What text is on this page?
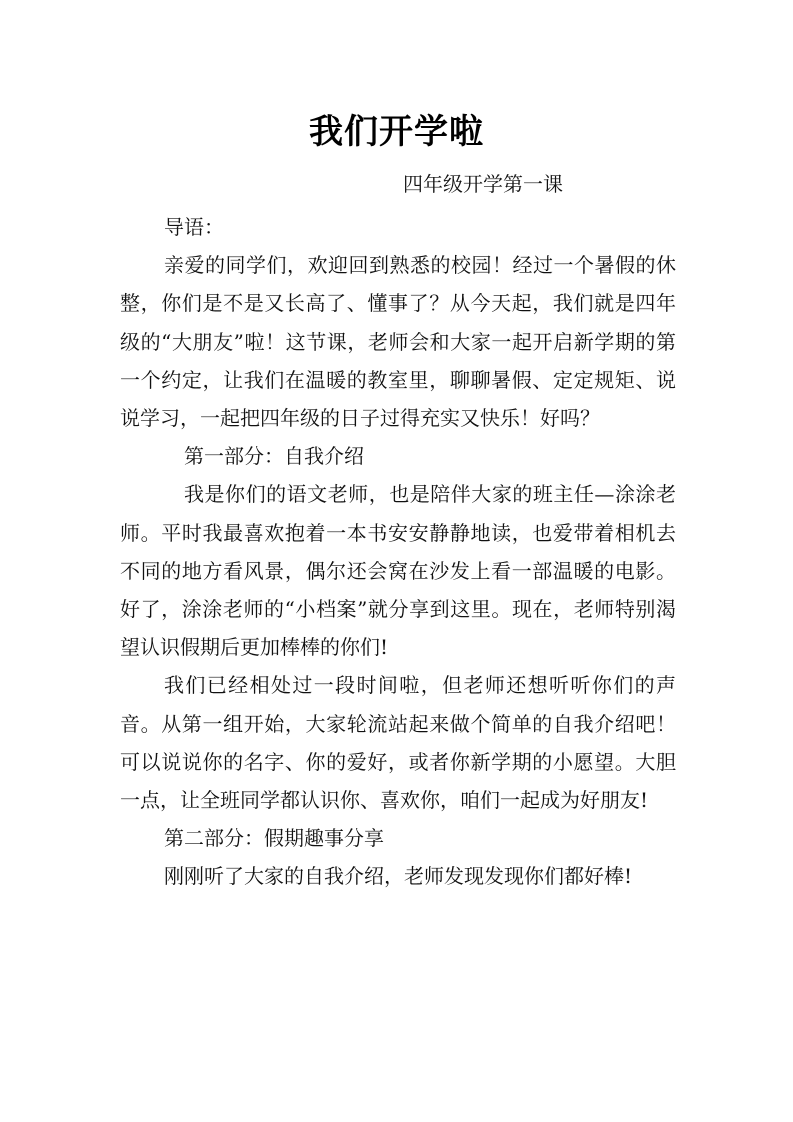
我们开学啦
四年级开学第一课

导语：

亲爱的同学们，欢迎回到熟悉的校园！经过一个暑假的休整，你们是不是又长高了、懂事了？从今天起，我们就是四年级的“大朋友”啦！这节课，老师会和大家一起开启新学期的第一个约定，让我们在温暖的教室里，聊聊暑假、定定规矩、说说学习，一起把四年级的日子过得充实又快乐！好吗？

第一部分：自我介绍

我是你们的语文老师，也是陪伴大家的班主任—涂涂老师。平时我最喜欢抱着一本书安安静静地读，也爱带着相机去不同的地方看风景，偶尔还会窝在沙发上看一部温暖的电影。好了，涂涂老师的“小档案”就分享到这里。现在，老师特别渴望认识假期后更加棒棒的你们!

我们已经相处过一段时间啦，但老师还想听听你们的声音。从第一组开始，大家轮流站起来做个简单的自我介绍吧！可以说说你的名字、你的爱好，或者你新学期的小愿望。大胆一点，让全班同学都认识你、喜欢你，咱们一起成为好朋友!

第二部分：假期趣事分享

刚刚听了大家的自我介绍，老师发现发现你们都好棒!
